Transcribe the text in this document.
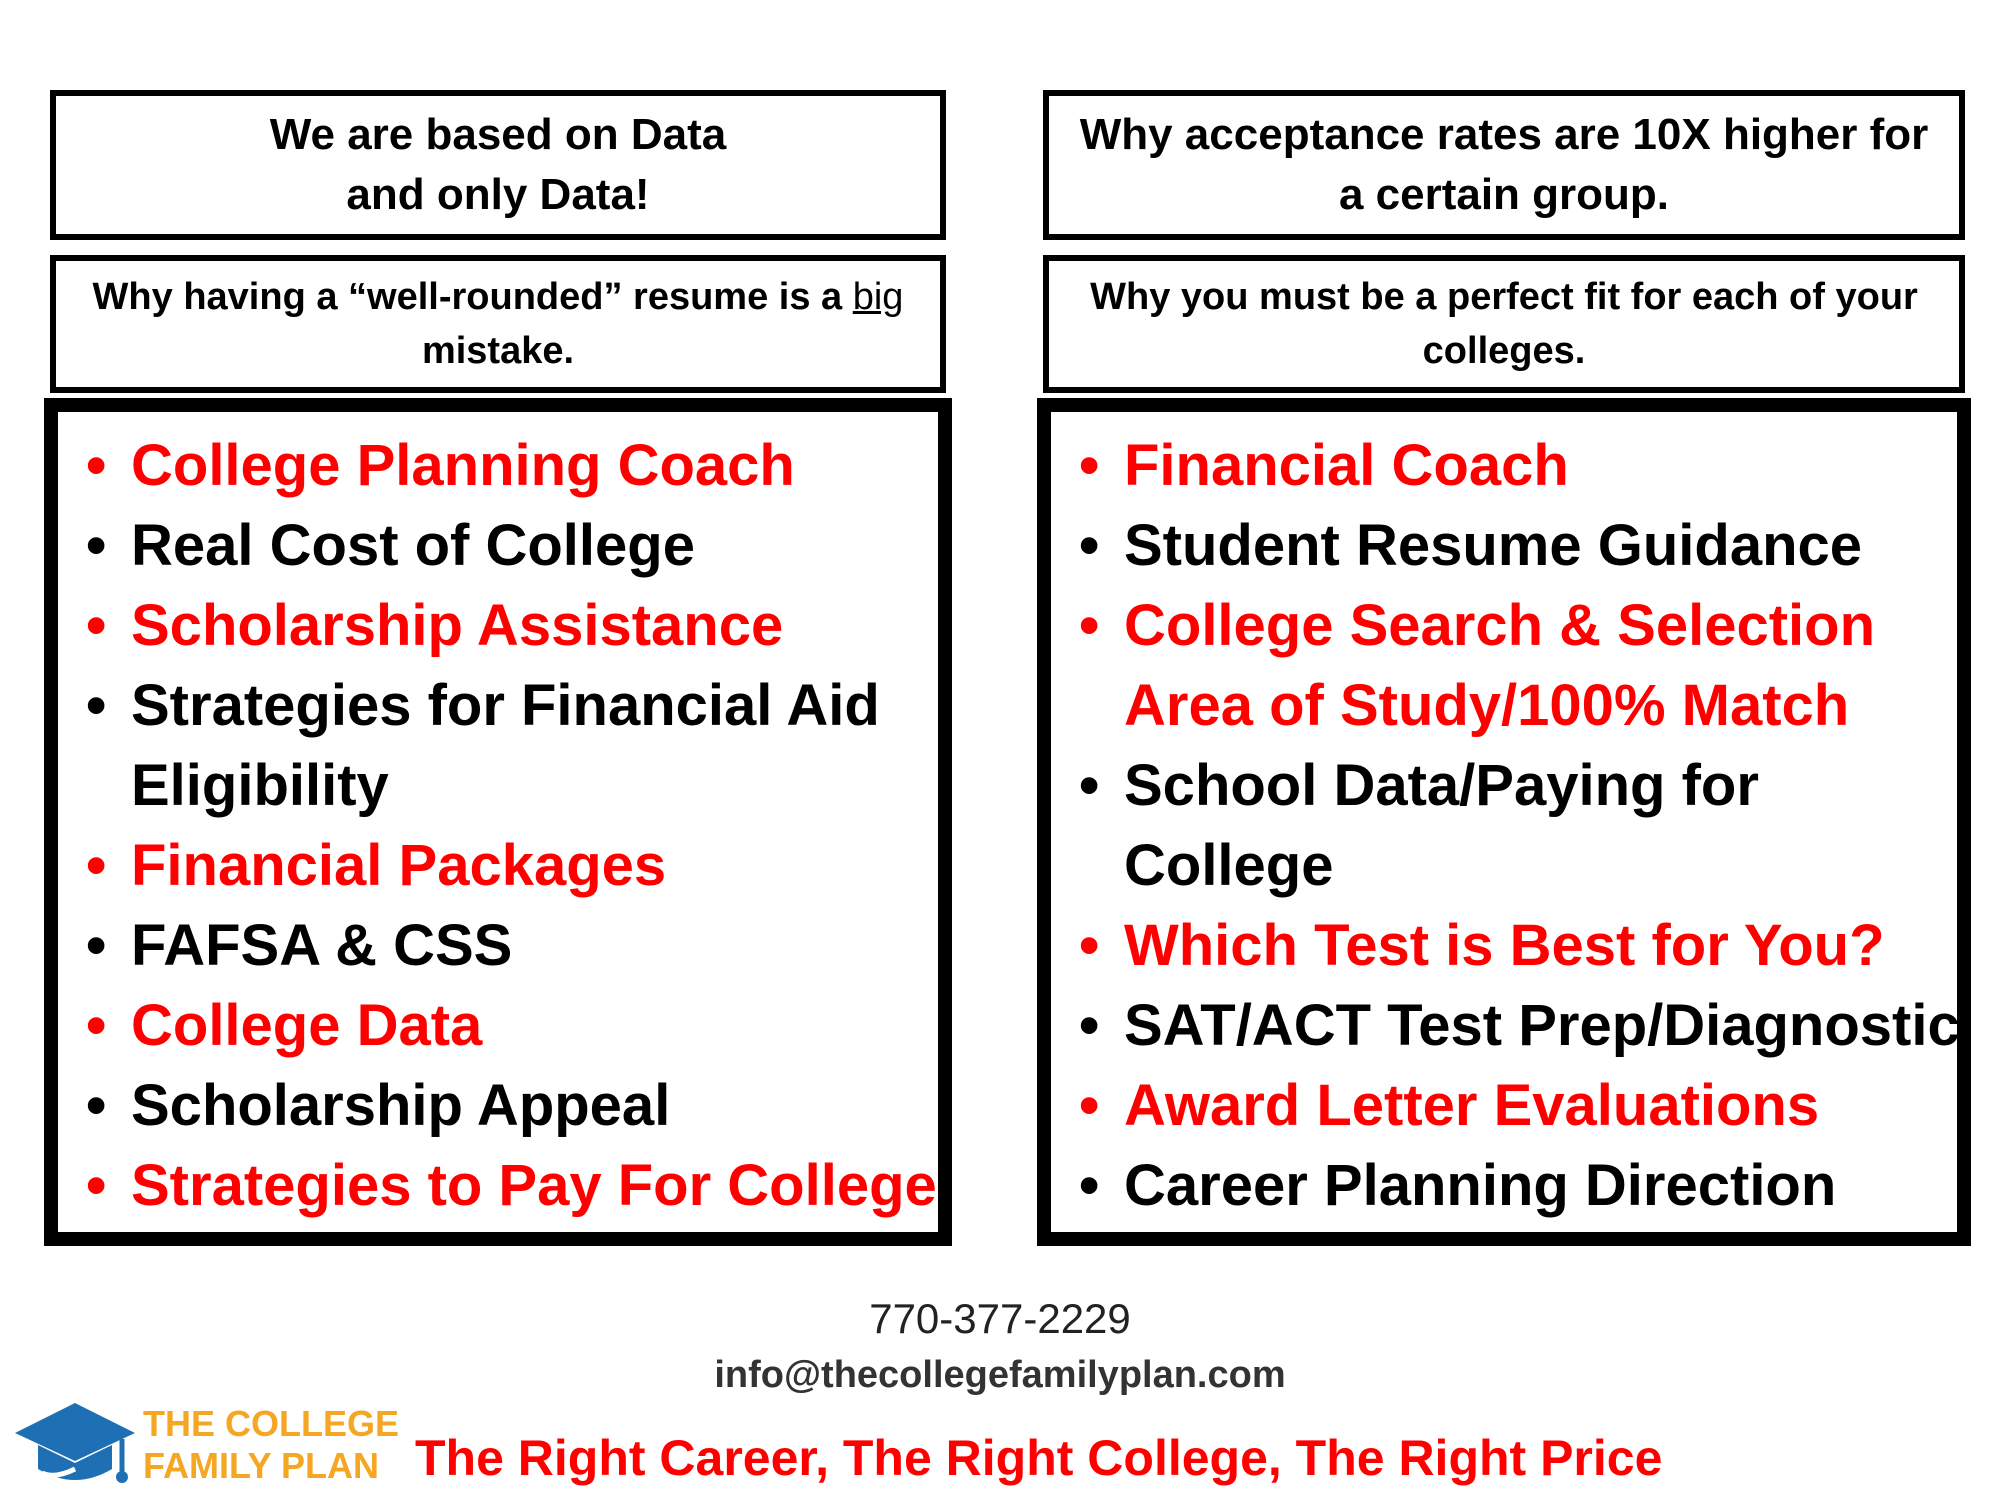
We are based on Data
and only Data!
Why acceptance rates are 10X higher for
a certain group.
Why having a “well-rounded” resume is a big
mistake.
Why you must be a perfect fit for each of your
colleges.
• College Planning Coach
• Real Cost of College
• Scholarship Assistance
• Strategies for Financial Aid
Eligibility
• Financial Packages
• FAFSA & CSS
• College Data
• Scholarship Appeal
• Strategies to Pay For College
• Financial Coach
• Student Resume Guidance
• College Search & Selection
Area of Study/100% Match
• School Data/Paying for
College
• Which Test is Best for You?
• SAT/ACT Test Prep/Diagnostic
• Award Letter Evaluations
• Career Planning Direction
770-377-2229
info@thecollegefamilyplan.com
THE COLLEGE
FAMILY PLAN The Right Career, The Right College, The Right Price
